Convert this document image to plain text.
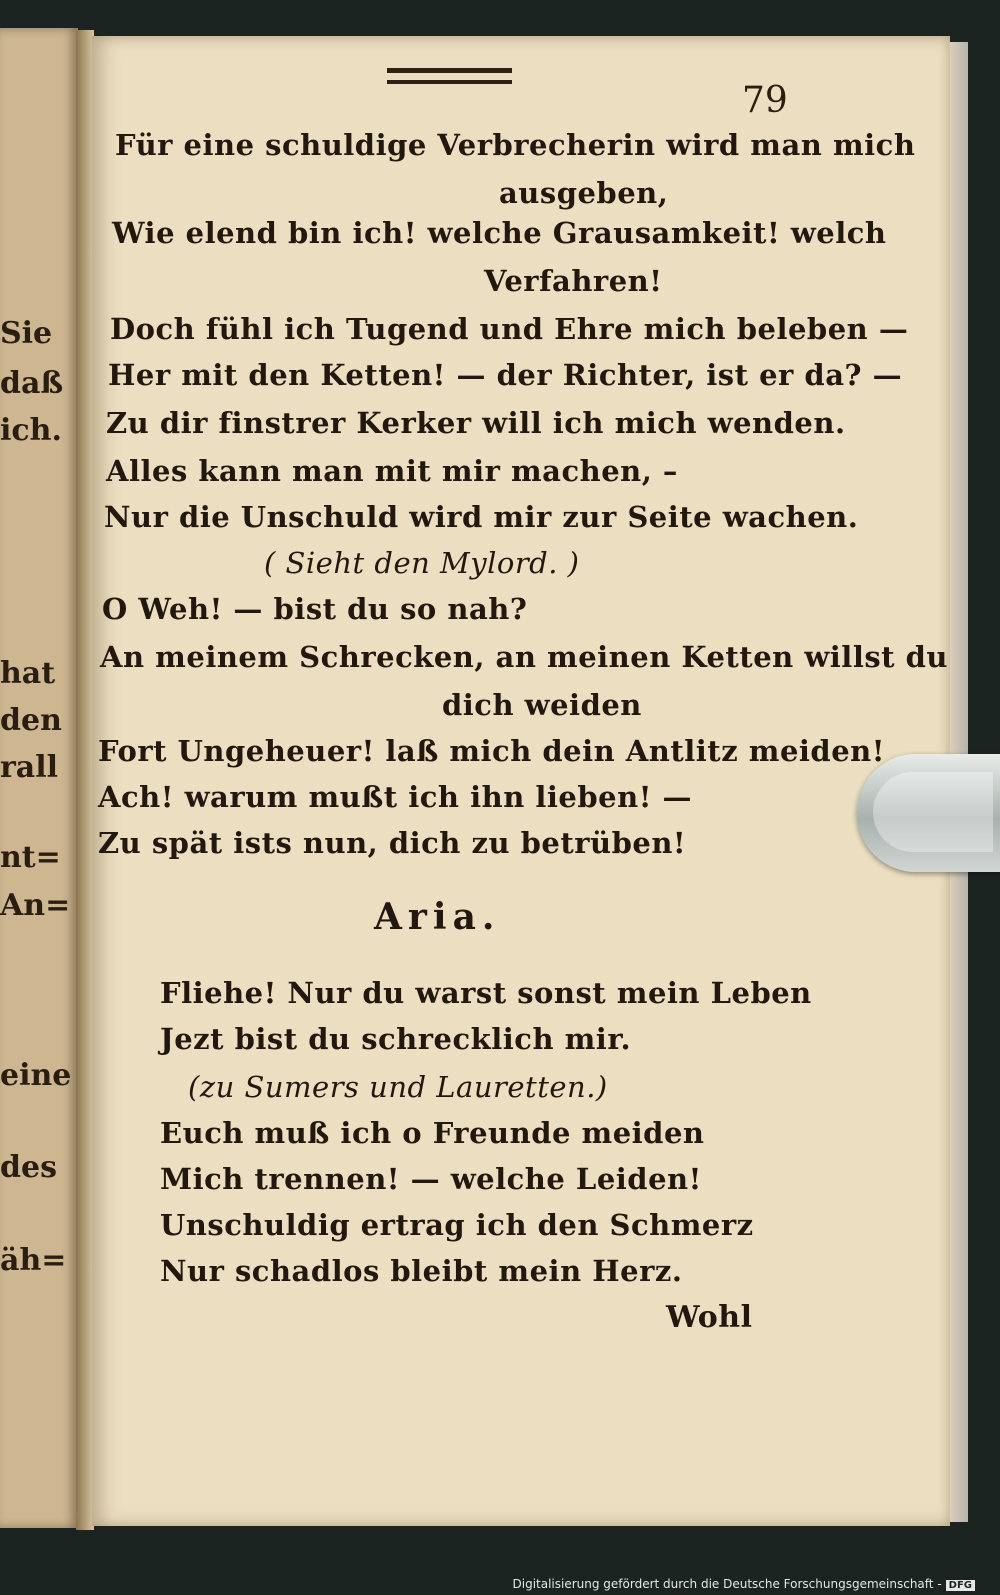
Sie
daß
ich.
hat
den
rall
nt=
An=
eine
des
äh=
79
Für eine schuldige Verbrecherin wird man mich
ausgeben,
Wie elend bin ich! welche Grausamkeit! welch
Verfahren!
Doch fühl ich Tugend und Ehre mich beleben —
Her mit den Ketten! — der Richter, ist er da? —
Zu dir finstrer Kerker will ich mich wenden.
Alles kann man mit mir machen, –
Nur die Unschuld wird mir zur Seite wachen.
( Sieht den Mylord. )
O Weh! — bist du so nah?
An meinem Schrecken, an meinen Ketten willst du
dich weiden
Fort Ungeheuer! laß mich dein Antlitz meiden!
Ach! warum mußt ich ihn lieben! —
Zu spät ists nun, dich zu betrüben!
Aria.
Fliehe! Nur du warst sonst mein Leben
Jezt bist du schrecklich mir.
(zu Sumers und Lauretten.)
Euch muß ich o Freunde meiden
Mich trennen! — welche Leiden!
Unschuldig ertrag ich den Schmerz
Nur schadlos bleibt mein Herz.
Wohl
Digitalisierung gefördert durch die Deutsche Forschungsgemeinschaft - DFG
